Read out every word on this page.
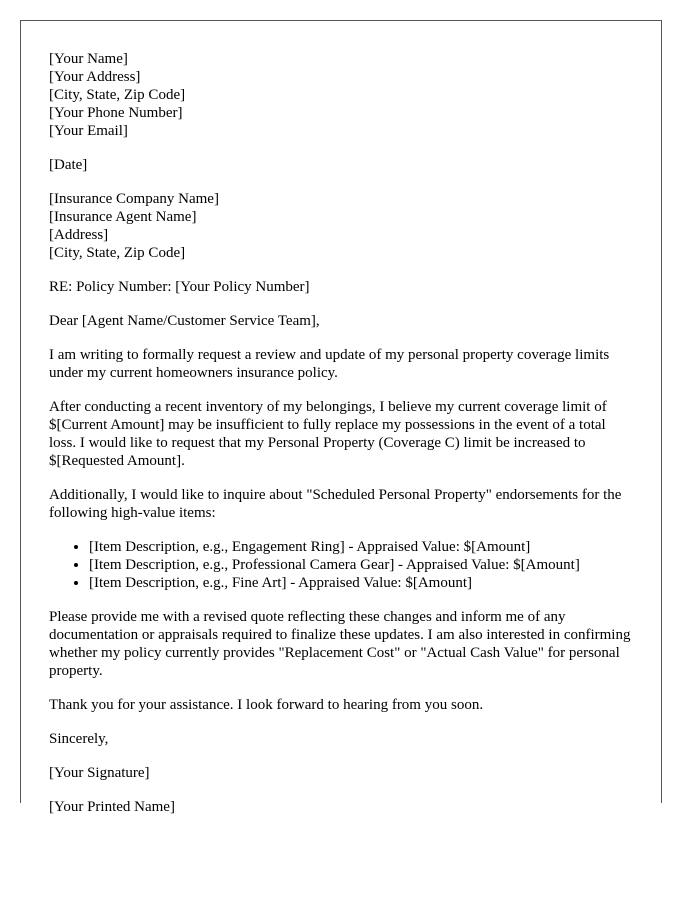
[Your Name]
[Your Address]
[City, State, Zip Code]
[Your Phone Number]
[Your Email]
[Date]
[Insurance Company Name]
[Insurance Agent Name]
[Address]
[City, State, Zip Code]

RE: Policy Number: [Your Policy Number]

Dear [Agent Name/Customer Service Team],

I am writing to formally request a review and update of my personal property coverage limits under my current homeowners insurance policy.

After conducting a recent inventory of my belongings, I believe my current coverage limit of $[Current Amount] may be insufficient to fully replace my possessions in the event of a total loss. I would like to request that my Personal Property (Coverage C) limit be increased to $[Requested Amount].

Additionally, I would like to inquire about "Scheduled Personal Property" endorsements for the following high-value items:

• [Item Description, e.g., Engagement Ring] - Appraised Value: $[Amount]
• [Item Description, e.g., Professional Camera Gear] - Appraised Value: $[Amount]
• [Item Description, e.g., Fine Art] - Appraised Value: $[Amount]

Please provide me with a revised quote reflecting these changes and inform me of any documentation or appraisals required to finalize these updates. I am also interested in confirming whether my policy currently provides "Replacement Cost" or "Actual Cash Value" for personal property.

Thank you for your assistance. I look forward to hearing from you soon.

Sincerely,

[Your Signature]

[Your Printed Name]
